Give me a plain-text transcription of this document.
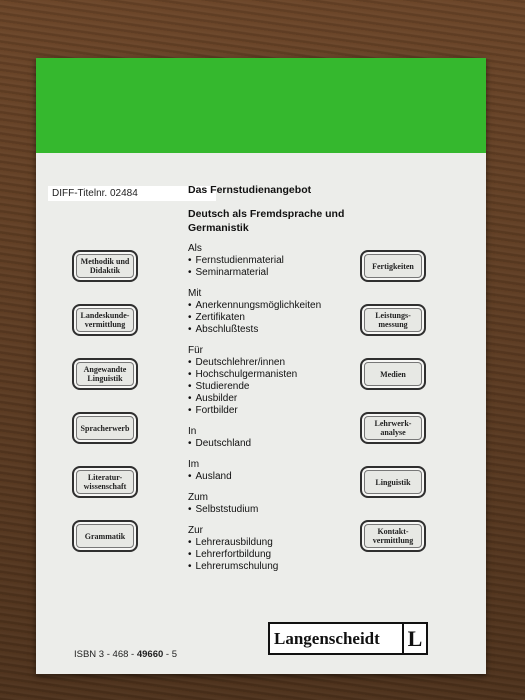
DIFF-Titelnr. 02484	Das Fernstudienangebot
Deutsch als Fremdsprache und Germanistik
Als
• Fernstudienmaterial
• Seminarmaterial
Mit
• Anerkennungsmöglichkeiten
• Zertifikaten
• Abschlußtests
Für
• Deutschlehrer/innen
• Hochschulgermanisten
• Studierende
• Ausbilder
• Fortbilder
In
• Deutschland
Im
• Ausland
Zum
• Selbststudium
Zur
• Lehrerausbildung
• Lehrerfortbildung
• Lehrerumschulung
Methodik und Didaktik
Landeskunde-vermittlung
Angewandte Linguistik
Spracherwerb
Literatur-wissenschaft
Grammatik
Fertigkeiten
Leistungs-messung
Medien
Lehrwerk-analyse
Linguistik
Kontakt-vermittlung
Langenscheidt	L
ISBN 3 - 468 - 49660 - 5
